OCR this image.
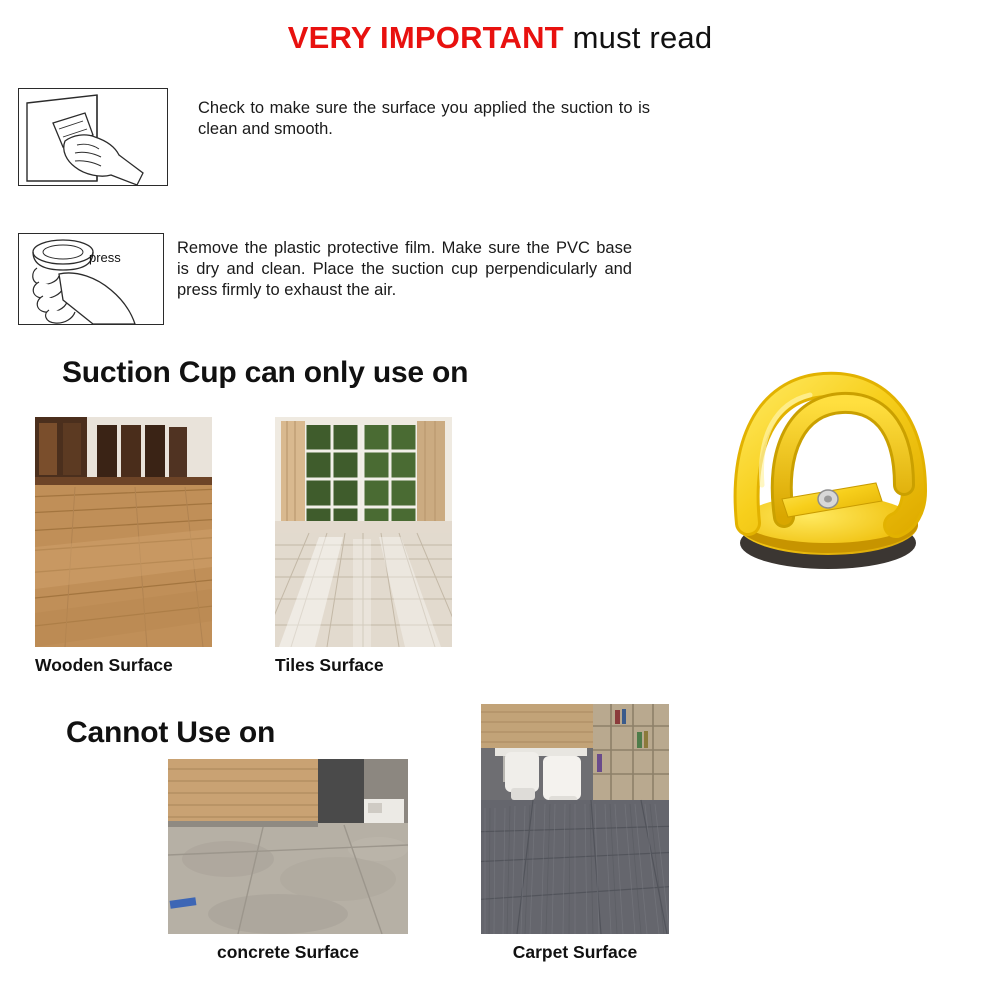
VERY IMPORTANT must read
Check to make sure the surface you applied the suction to is clean and smooth.
press
Remove the plastic protective film. Make sure the PVC base is dry and clean. Place the suction cup perpendicularly and press firmly to exhaust the air.
Suction Cup can only use on
Wooden Surface	Tiles Surface
Cannot Use on
concrete Surface	Carpet Surface
